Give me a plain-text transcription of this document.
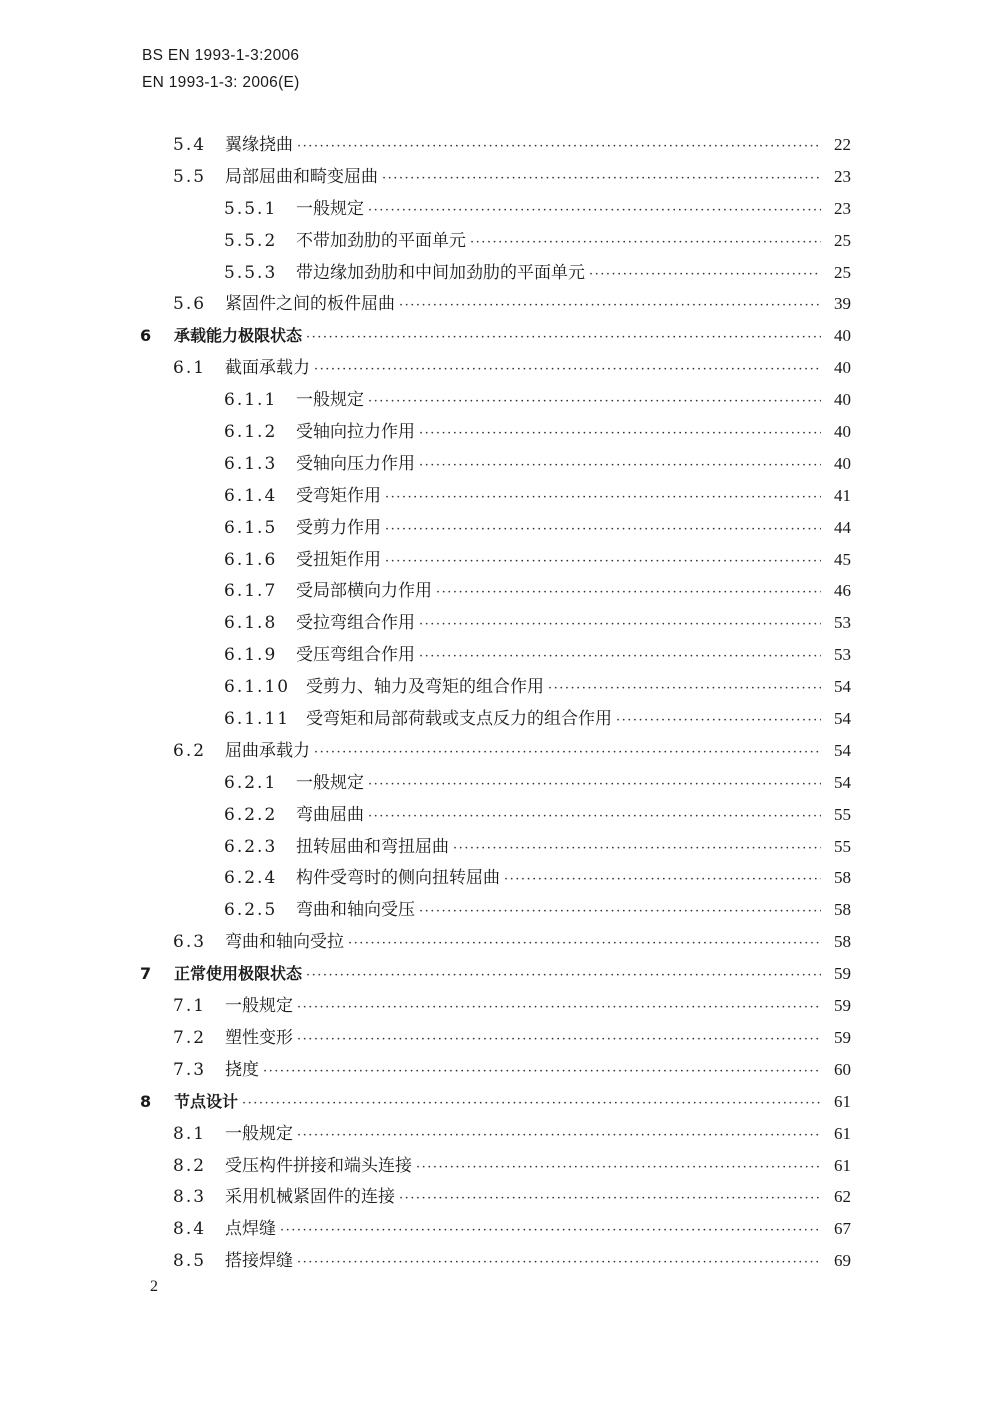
BS EN 1993-1-3:2006
EN 1993-1-3: 2006(E)
5.4	翼缘挠曲 ·····	22
5.5	局部屈曲和畸变屈曲 ·····	23
5.5.1	一般规定 ·····	23
5.5.2	不带加劲肋的平面单元 ·····	25
5.5.3	带边缘加劲肋和中间加劲肋的平面单元 ·····	25
5.6	紧固件之间的板件屈曲 ·····	39
6	承载能力极限状态 ·····	40
6.1	截面承载力 ·····	40
6.1.1	一般规定 ·····	40
6.1.2	受轴向拉力作用 ·····	40
6.1.3	受轴向压力作用 ·····	40
6.1.4	受弯矩作用 ·····	41
6.1.5	受剪力作用 ·····	44
6.1.6	受扭矩作用 ·····	45
6.1.7	受局部横向力作用 ·····	46
6.1.8	受拉弯组合作用 ·····	53
6.1.9	受压弯组合作用 ·····	53
6.1.10 受剪力、轴力及弯矩的组合作用 ·····	54
6.1.11 受弯矩和局部荷载或支点反力的组合作用 ·····	54
6.2	屈曲承载力 ·····	54
6.2.1	一般规定 ·····	54
6.2.2	弯曲屈曲 ·····	55
6.2.3	扭转屈曲和弯扭屈曲 ·····	55
6.2.4	构件受弯时的侧向扭转屈曲 ·····	58
6.2.5	弯曲和轴向受压 ·····	58
6.3	弯曲和轴向受拉 ·····	58
7	正常使用极限状态 ·····	59
7.1	一般规定 ·····	59
7.2	塑性变形 ·····	59
7.3	挠度 ·····	60
8	节点设计 ·····	61
8.1	一般规定 ·····	61
8.2	受压构件拼接和端头连接 ·····	61
8.3	采用机械紧固件的连接 ·····	62
8.4	点焊缝 ·····	67
8.5	搭接焊缝 ·····	69
2
